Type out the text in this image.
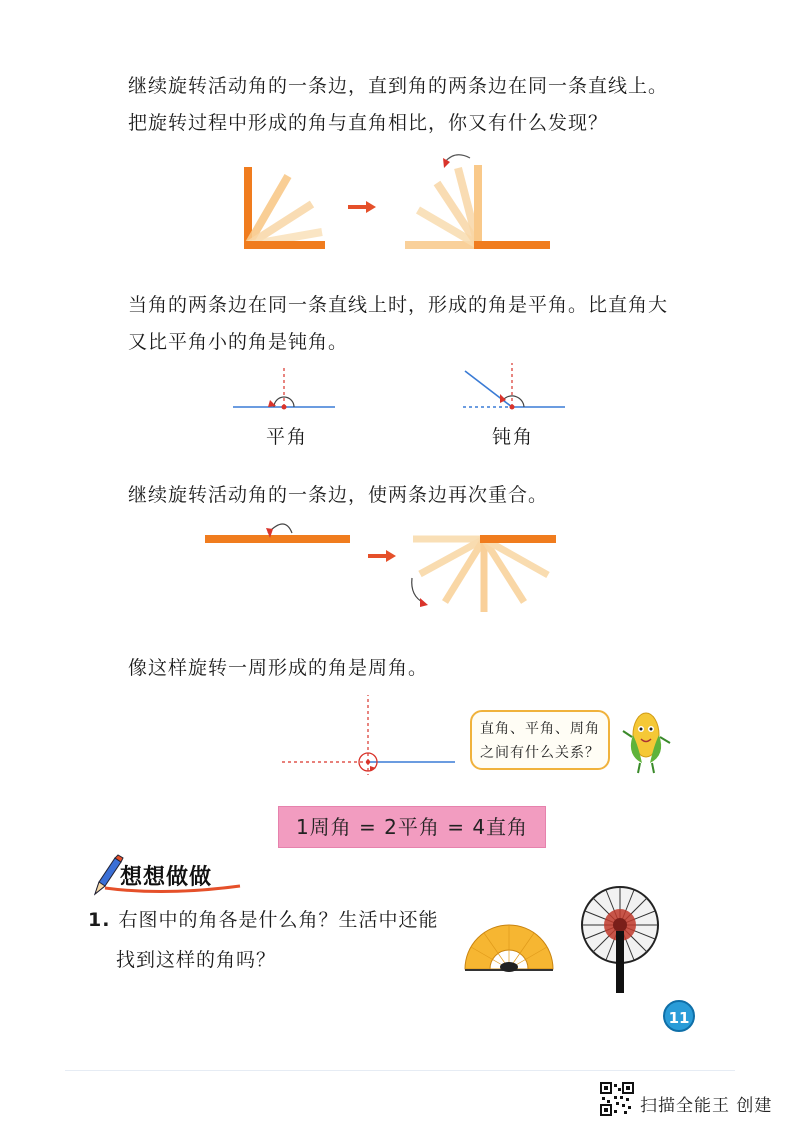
继续旋转活动角的一条边，直到角的两条边在同一条直线上。
把旋转过程中形成的角与直角相比，你又有什么发现？
当角的两条边在同一条直线上时，形成的角是平角。比直角大
又比平角小的角是钝角。
平角	钝角
继续旋转活动角的一条边，使两条边再次重合。
像这样旋转一周形成的角是周角。
直角、平角、周角
之间有什么关系？
1周角 = 2平角 = 4直角
想想做做
1. 右图中的角各是什么角？生活中还能
找到这样的角吗？
11
扫描全能王 创建
